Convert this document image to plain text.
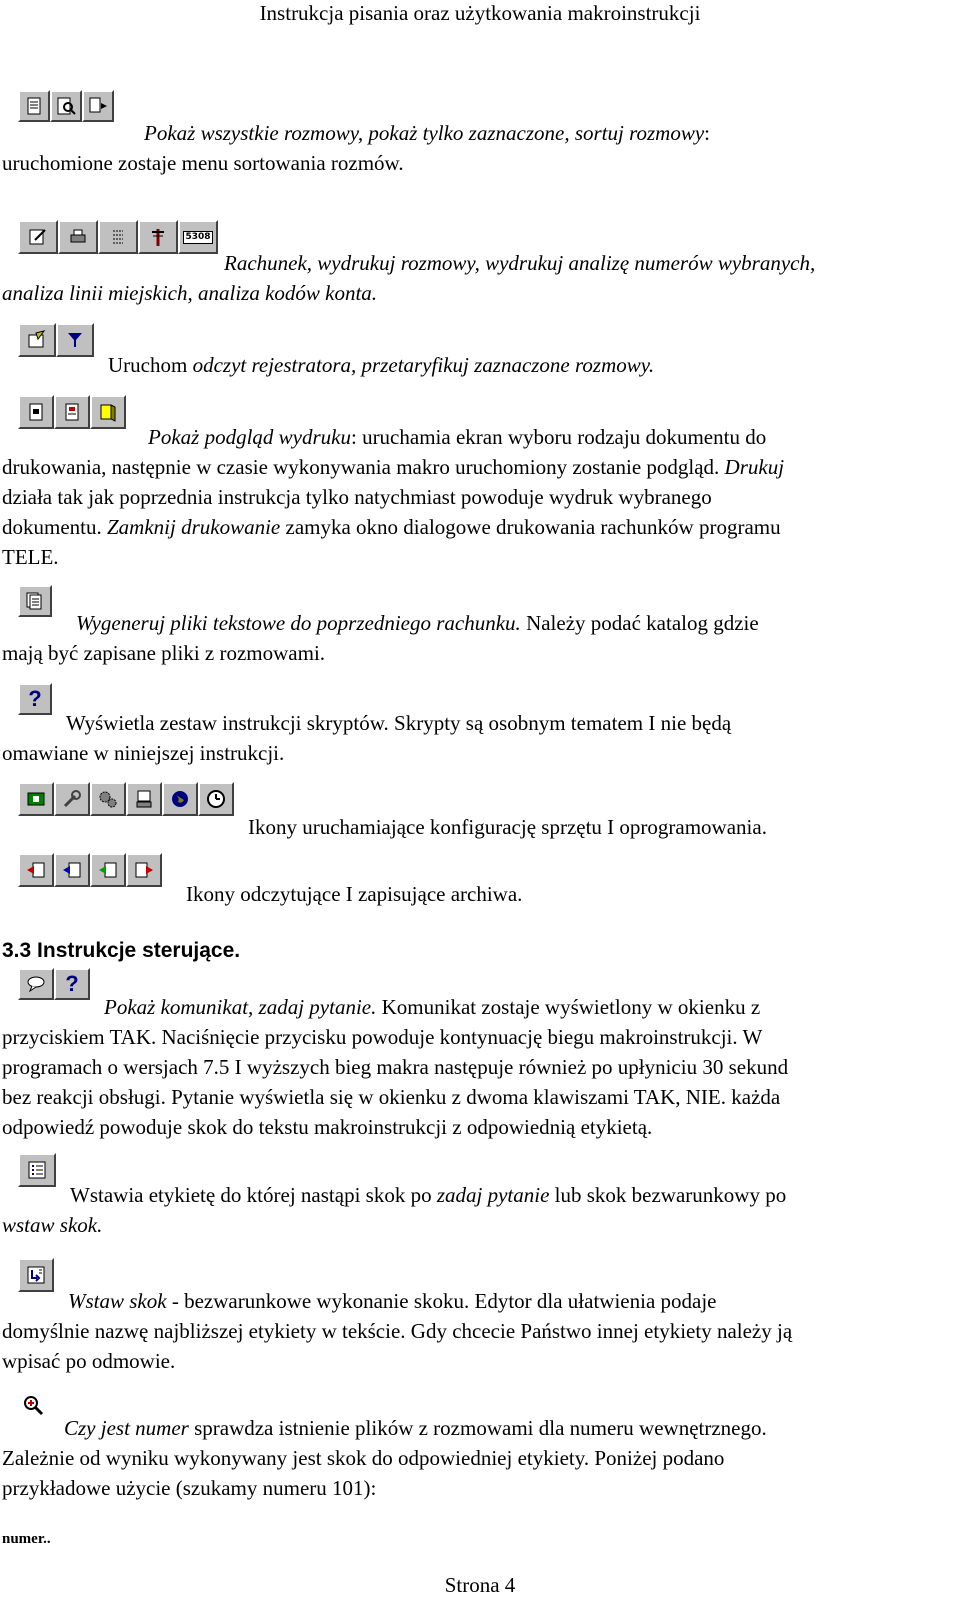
Instrukcja pisania oraz użytkowania makroinstrukcji

Pokaż wszystkie rozmowy, pokaż tylko zaznaczone, sortuj rozmowy:

uruchomione zostaje menu sortowania rozmów.

5308

Rachunek, wydrukuj rozmowy, wydrukuj analizę numerów wybranych,

analiza linii miejskich, analiza kodów konta.

Uruchom odczyt rejestratora, przetaryfikuj zaznaczone rozmowy.

Pokaż podgląd wydruku: uruchamia ekran wyboru rodzaju dokumentu do

drukowania, następnie w czasie wykonywania makro uruchomiony zostanie podgląd. Drukuj

działa tak jak poprzednia instrukcja tylko natychmiast powoduje wydruk wybranego

dokumentu. Zamknij drukowanie zamyka okno dialogowe drukowania rachunków programu

TELE.

Wygeneruj pliki tekstowe do poprzedniego rachunku. Należy podać katalog gdzie

mają być zapisane pliki z rozmowami.

?

Wyświetla zestaw instrukcji skryptów. Skrypty są osobnym tematem I nie będą

omawiane w niniejszej instrukcji.

Ikony uruchamiające konfigurację sprzętu I oprogramowania.

Ikony odczytujące I zapisujące archiwa.

3.3 Instrukcje sterujące.
?

Pokaż komunikat, zadaj pytanie. Komunikat zostaje wyświetlony w okienku z

przyciskiem TAK. Naciśnięcie przycisku powoduje kontynuację biegu makroinstrukcji. W

programach o wersjach 7.5 I wyższych bieg makra następuje również po upłyniciu 30 sekund

bez reakcji obsługi. Pytanie wyświetla się w okienku z dwoma klawiszami TAK, NIE. każda

odpowiedź powoduje skok do tekstu makroinstrukcji z odpowiednią etykietą.

Wstawia etykietę do której nastąpi skok po zadaj pytanie lub skok bezwarunkowy po

wstaw skok.

Wstaw skok - bezwarunkowe wykonanie skoku. Edytor dla ułatwienia podaje

domyślnie nazwę najbliższej etykiety w tekście. Gdy chcecie Państwo innej etykiety należy ją

wpisać po odmowie.

Czy jest numer sprawdza istnienie plików z rozmowami dla numeru wewnętrznego.

Zależnie od wyniku wykonywany jest skok do odpowiedniej etykiety. Poniżej podano

przykładowe użycie (szukamy numeru 101):

numer..
Strona 4
